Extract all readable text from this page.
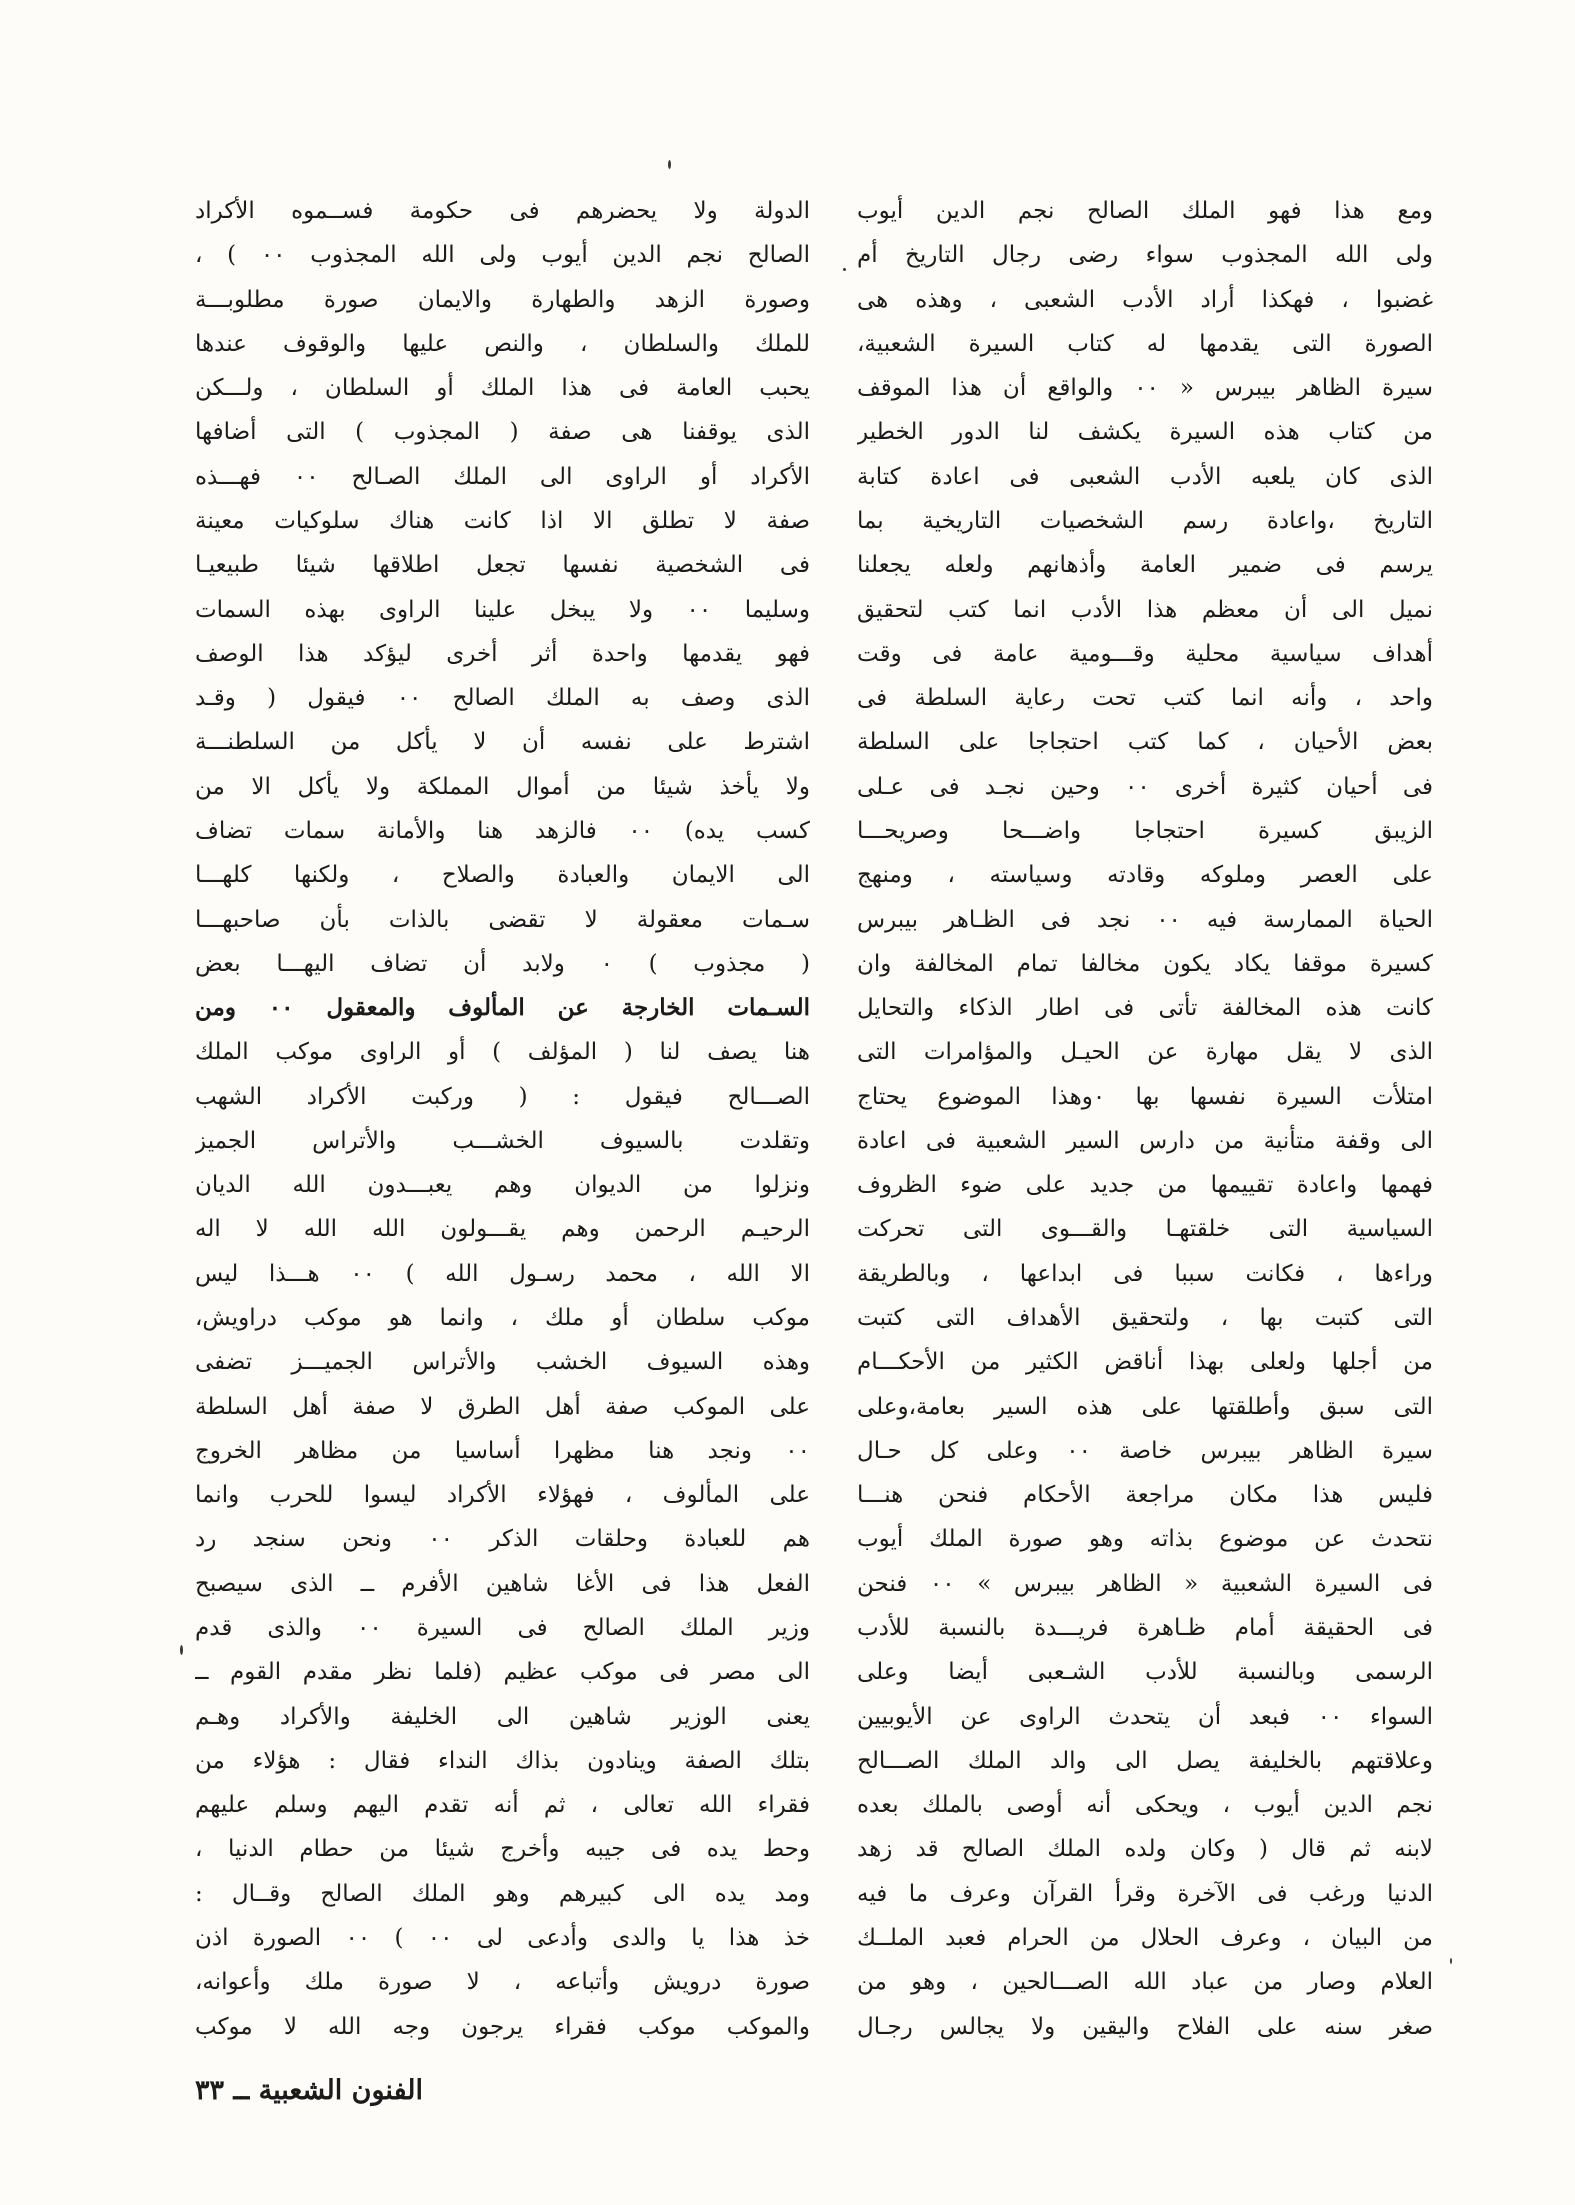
ومع هذا فهو الملك الصالح نجم الدين أيوب
ولى الله المجذوب سواء رضى رجال التاريخ أم
غضبوا ، فهكذا أراد الأدب الشعبى ، وهذه هى
الصورة التى يقدمها له كتاب السيرة الشعبية،
سيرة الظاهر بيبرس « ٠٠ والواقع أن هذا الموقف
من كتاب هذه السيرة يكشف لنا الدور الخطير
الذى كان يلعبه الأدب الشعبى فى اعادة كتابة
التاريخ ،واعادة رسم الشخصيات التاريخية بما
يرسم فى ضمير العامة وأذهانهم ولعله يجعلنا
نميل الى أن معظم هذا الأدب انما كتب لتحقيق
أهداف سياسية محلية وقـــومية عامة فى وقت
واحد ، وأنه انما كتب تحت رعاية السلطة فى
بعض الأحيان ، كما كتب احتجاجا على السلطة
فى أحيان كثيرة أخرى ٠٠ وحين نجـد فى عـلى
الزيبق كسيرة احتجاجا واضـــحا وصريحـــا
على العصر وملوكه وقادته وسياسته ، ومنهج
الحياة الممارسة فيه ٠٠ نجد فى الظـاهر بيبرس
كسيرة موقفا يكاد يكون مخالفا تمام المخالفة وان
كانت هذه المخالفة تأتى فى اطار الذكاء والتحايل
الذى لا يقل مهارة عن الحيـل والمؤامرات التى
امتلأت السيرة نفسها بها ٠وهذا الموضوع يحتاج
الى وقفة متأنية من دارس السير الشعبية فى اعادة
فهمها واعادة تقييمها من جديد على ضوء الظروف
السياسية التى خلقتهـا والقـــوى التى تحركت
وراءها ، فكانت سببا فى ابداعها ، وبالطريقة
التى كتبت بها ، ولتحقيق الأهداف التى كتبت
من أجلها ولعلى بهذا أناقض الكثير من الأحكـــام
التى سبق وأطلقتها على هذه السير بعامة،وعلى
سيرة الظاهر بيبرس خاصة ٠٠ وعلى كل حـال
فليس هذا مكان مراجعة الأحكام فنحن هنـــا
نتحدث عن موضوع بذاته وهو صورة الملك أيوب
فى السيرة الشعبية « الظاهر بيبرس » ٠٠ فنحن
فى الحقيقة أمام ظـاهرة فريـــدة بالنسبة للأدب
الرسمى وبالنسبة للأدب الشـعبى أيضا وعلى
السواء ٠٠ فبعد أن يتحدث الراوى عن الأيوبيين
وعلاقتهم بالخليفة يصل الى والد الملك الصـــالح
نجم الدين أيوب ، ويحكى أنه أوصى بالملك بعده
لابنه ثم قال ( وكان ولده الملك الصالح قد زهد
الدنيا ورغب فى الآخرة وقرأ القرآن وعرف ما فيه
من البيان ، وعرف الحلال من الحرام فعبد الملــك
العلام وصار من عباد الله الصـــالحين ، وهو من
صغر سنه على الفلاح واليقين ولا يجالس رجـال
الدولة ولا يحضرهم فى حكومة فســموه الأكراد
الصالح نجم الدين أيوب ولى الله المجذوب ٠٠ ) ،
وصورة الزهد والطهارة والايمان صورة مطلوبـــة
للملك والسلطان ، والنص عليها والوقوف عندها
يحبب العامة فى هذا الملك أو السلطان ، ولـــكن
الذى يوقفنا هى صفة ( المجذوب ) التى أضافها
الأكراد أو الراوى الى الملك الصـالح ٠٠ فهـــذه
صفة لا تطلق الا اذا كانت هناك سلوكيات معينة
فى الشخصية نفسها تجعل اطلاقها شيئا طبيعيـا
وسليما ٠٠ ولا يبخل علينا الراوى بهذه السمات
فهو يقدمها واحدة أثر أخرى ليؤكد هذا الوصف
الذى وصف به الملك الصالح ٠٠ فيقول ( وقـد
اشترط على نفسه أن لا يأكل من السلطنـــة
ولا يأخذ شيئا من أموال المملكة ولا يأكل الا من
كسب يده) ٠٠ فالزهد هنا والأمانة سمات تضاف
الى الايمان والعبادة والصلاح ، ولكنها كلهـــا
سـمات معقولة لا تقضى بالذات بأن صاحبهـــا
( مجذوب ) ٠ ولابد أن تضاف اليهـــا بعض
السـمات الخارجة عن المألوف والمعقول ٠٠ ومن
هنا يصف لنا ( المؤلف ) أو الراوى موكب الملك
الصـــالح فيقول : ( وركبت الأكراد الشهب
وتقلدت بالسيوف الخشـــب والأتراس الجميز
ونزلوا من الديوان وهم يعبـــدون الله الديان
الرحيـم الرحمن وهم يقـــولون الله الله لا اله
الا الله ، محمد رسـول الله ) ٠٠ هـــذا ليس
موكب سلطان أو ملك ، وانما هو موكب دراويش،
وهذه السيوف الخشب والأتراس الجميـــز تضفى
على الموكب صفة أهل الطرق لا صفة أهل السلطة
٠٠ ونجد هنا مظهرا أساسيا من مظاهر الخروج
على المألوف ، فهؤلاء الأكراد ليسوا للحرب وانما
هم للعبادة وحلقات الذكر ٠٠ ونحن سنجد رد
الفعل هذا فى الأغا شاهين الأفرم ــ الذى سيصبح
وزير الملك الصالح فى السيرة ٠٠ والذى قدم
الى مصر فى موكب عظيم (فلما نظر مقدم القوم ــ
يعنى الوزير شاهين الى الخليفة والأكراد وهـم
بتلك الصفة وينادون بذاك النداء فقال : هؤلاء من
فقراء الله تعالى ، ثم أنه تقدم اليهم وسلم عليهم
وحط يده فى جيبه وأخرج شيئا من حطام الدنيا ،
ومد يده الى كبيرهم وهو الملك الصالح وقــال :
خذ هذا يا والدى وأدعى لى ٠٠ ) ٠٠ الصورة اذن
صورة درويش وأتباعه ، لا صورة ملك وأعوانه،
والموكب موكب فقراء يرجون وجه الله لا موكب
الفنون الشعبية ــ ٣٣
